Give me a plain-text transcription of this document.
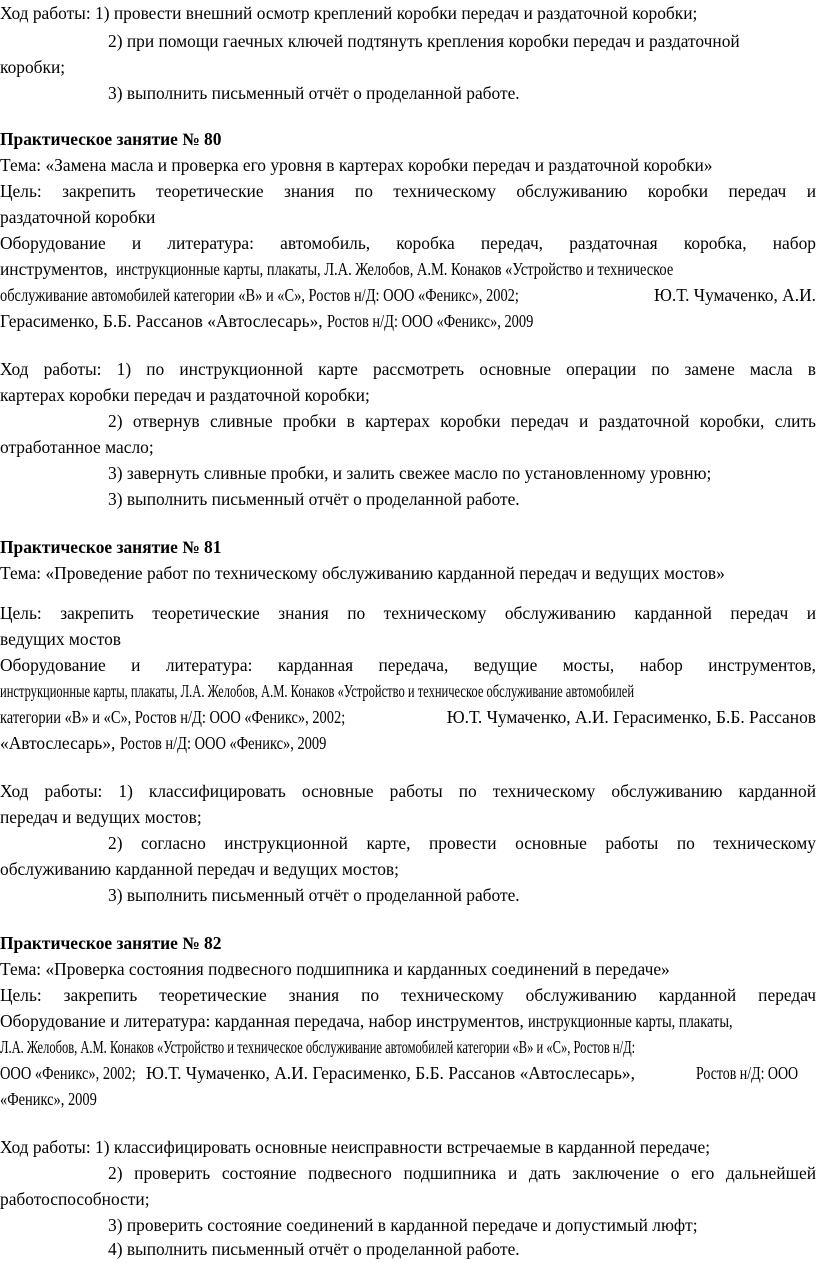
Ход работы: 1) провести внешний осмотр креплений коробки передач и раздаточной коробки;
2) при помощи гаечных ключей подтянуть крепления коробки передач и раздаточной
коробки;
3) выполнить письменный отчёт о проделанной работе.
Практическое занятие № 80
Тема: «Замена масла и проверка его уровня в картерах коробки передач и раздаточной коробки»
Цель: закрепить теоретические знания по техническому обслуживанию коробки передач и
раздаточной коробки
Оборудование и литература: автомобиль, коробка передач, раздаточная коробка, набор
инструментов, инструкционные карты, плакаты, Л.А. Желобов, А.М. Конаков «Устройство и техническое
обслуживание автомобилей категории «В» и «С», Ростов н/Д: ООО «Феникс», 2002;	Ю.Т. Чумаченко, А.И.
Герасименко, Б.Б. Рассанов «Автослесарь», Ростов н/Д: ООО «Феникс», 2009
Ход работы: 1) по инструкционной карте рассмотреть основные операции по замене масла в
картерах коробки передач и раздаточной коробки;
2) отвернув сливные пробки в картерах коробки передач и раздаточной коробки, слить
отработанное масло;
3) завернуть сливные пробки, и залить свежее масло по установленному уровню;
3) выполнить письменный отчёт о проделанной работе.
Практическое занятие № 81
Тема: «Проведение работ по техническому обслуживанию карданной передач и ведущих мостов»
Цель: закрепить теоретические знания по техническому обслуживанию карданной передач и
ведущих мостов
Оборудование и литература: карданная передача, ведущие мосты, набор инструментов,
инструкционные карты, плакаты, Л.А. Желобов, А.М. Конаков «Устройство и техническое обслуживание автомобилей
категории «В» и «С», Ростов н/Д: ООО «Феникс», 2002;	Ю.Т. Чумаченко, А.И. Герасименко, Б.Б. Рассанов
«Автослесарь», Ростов н/Д: ООО «Феникс», 2009
Ход работы: 1) классифицировать основные работы по техническому обслуживанию карданной
передач и ведущих мостов;
2) согласно инструкционной карте, провести основные работы по техническому
обслуживанию карданной передач и ведущих мостов;
3) выполнить письменный отчёт о проделанной работе.
Практическое занятие № 82
Тема: «Проверка состояния подвесного подшипника и карданных соединений в передаче»
Цель: закрепить теоретические знания по техническому обслуживанию карданной передач
Оборудование и литература: карданная передача, набор инструментов, инструкционные карты, плакаты,
Л.А. Желобов, А.М. Конаков «Устройство и техническое обслуживание автомобилей категории «В» и «С», Ростов н/Д:
ООО «Феникс», 2002; Ю.Т. Чумаченко, А.И. Герасименко, Б.Б. Рассанов «Автослесарь»,	Ростов н/Д: ООО
«Феникс», 2009
Ход работы: 1) классифицировать основные неисправности встречаемые в карданной передаче;
2) проверить состояние подвесного подшипника и дать заключение о его дальнейшей
работоспособности;
3) проверить состояние соединений в карданной передаче и допустимый люфт;
4) выполнить письменный отчёт о проделанной работе.
